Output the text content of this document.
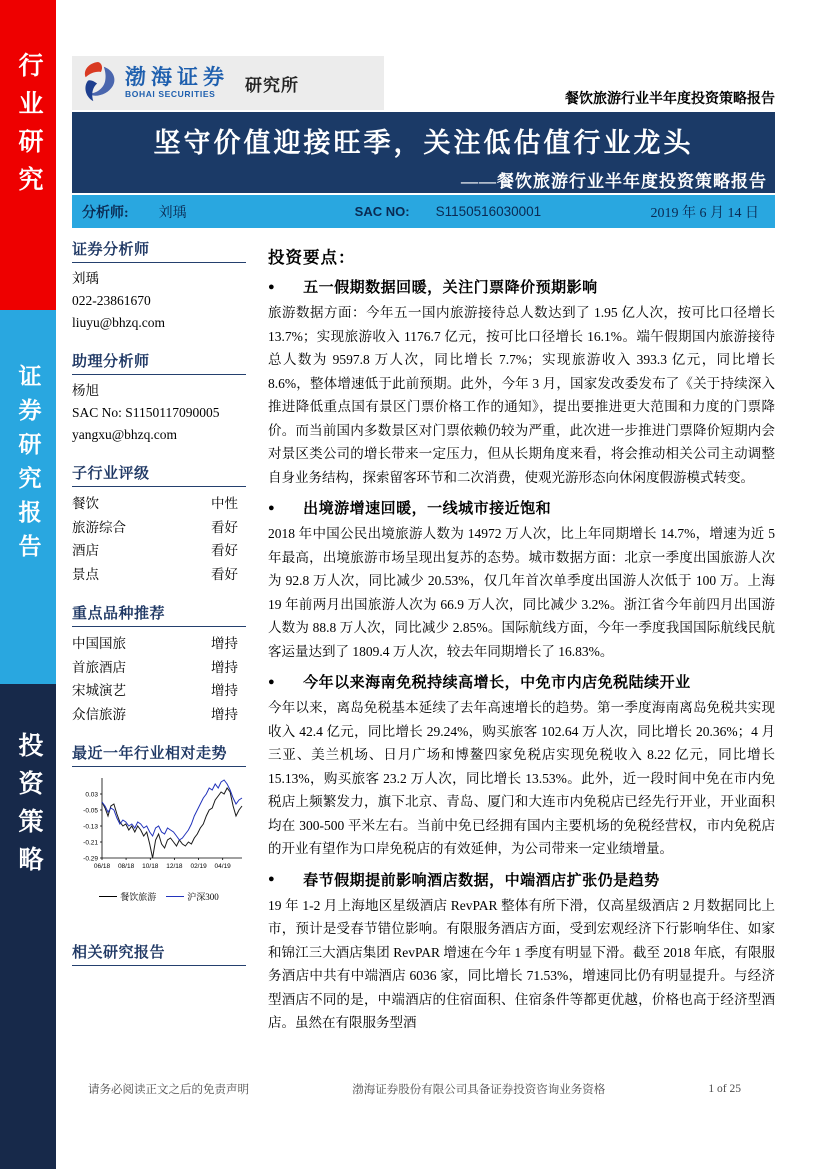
行业研究
证券研究报告
投资策略
渤海证券
BOHAI SECURITIES	研究所
餐饮旅游行业半年度投资策略报告
坚守价值迎接旺季，关注低估值行业龙头
——餐饮旅游行业半年度投资策略报告
分析师: 刘瑀	SAC NO: S1150516030001	2019 年 6 月 14 日
证券分析师
刘瑀
022-23861670
liuyu@bhzq.com
助理分析师
杨旭
SAC No: S1150117090005
yangxu@bhzq.com
子行业评级
餐饮	中性
旅游综合	看好
酒店	看好
景点	看好
重点品种推荐
中国国旅	增持
首旅酒店	增持
宋城演艺	增持
众信旅游	增持
最近一年行业相对走势
0.03
-0.05
-0.13
-0.21
-0.29
06/18 08/18 10/18 12/18 02/19 04/19
餐饮旅游	沪深300
相关研究报告
投资要点：
● 五一假期数据回暖，关注门票降价预期影响
旅游数据方面：今年五一国内旅游接待总人数达到了 1.95 亿人次，按可比口径增长 13.7%；实现旅游收入 1176.7 亿元，按可比口径增长 16.1%。端午假期国内旅游接待总人数为 9597.8 万人次，同比增长 7.7%；实现旅游收入 393.3 亿元，同比增长 8.6%，整体增速低于此前预期。此外，今年 3 月，国家发改委发布了《关于持续深入推进降低重点国有景区门票价格工作的通知》，提出要推进更大范围和力度的门票降价。而当前国内多数景区对门票依赖仍较为严重，此次进一步推进门票降价短期内会对景区类公司的增长带来一定压力，但从长期角度来看，将会推动相关公司主动调整自身业务结构，探索留客环节和二次消费，使观光游形态向休闲度假游模式转变。
● 出境游增速回暖，一线城市接近饱和
2018 年中国公民出境旅游人数为 14972 万人次，比上年同期增长 14.7%，增速为近 5 年最高，出境旅游市场呈现出复苏的态势。城市数据方面：北京一季度出国旅游人次为 92.8 万人次，同比减少 20.53%，仅几年首次单季度出国游人次低于 100 万。上海 19 年前两月出国旅游人次为 66.9 万人次，同比减少 3.2%。浙江省今年前四月出国游人数为 88.8 万人次，同比减少 2.85%。国际航线方面，今年一季度我国国际航线民航客运量达到了 1809.4 万人次，较去年同期增长了 16.83%。
● 今年以来海南免税持续高增长，中免市内店免税陆续开业
今年以来，离岛免税基本延续了去年高速增长的趋势。第一季度海南离岛免税共实现收入 42.4 亿元，同比增长 29.24%，购买旅客 102.64 万人次，同比增长 20.36%；4 月三亚、美兰机场、日月广场和博鳌四家免税店实现免税收入 8.22 亿元，同比增长 15.13%，购买旅客 23.2 万人次，同比增长 13.53%。此外，近一段时间中免在市内免税店上频繁发力，旗下北京、青岛、厦门和大连市内免税店已经先行开业，开业面积均在 300-500 平米左右。当前中免已经拥有国内主要机场的免税经营权，市内免税店的开业有望作为口岸免税店的有效延伸，为公司带来一定业绩增量。
● 春节假期提前影响酒店数据，中端酒店扩张仍是趋势
19 年 1-2 月上海地区星级酒店 RevPAR 整体有所下滑，仅高星级酒店 2 月数据同比上市，预计是受春节错位影响。有限服务酒店方面，受到宏观经济下行影响华住、如家和锦江三大酒店集团 RevPAR 增速在今年 1 季度有明显下滑。截至 2018 年底，有限服务酒店中共有中端酒店 6036 家，同比增长 71.53%，增速同比仍有明显提升。与经济型酒店不同的是，中端酒店的住宿面积、住宿条件等都更优越，价格也高于经济型酒店。虽然在有限服务型酒
请务必阅读正文之后的免责声明	渤海证券股份有限公司具备证券投资咨询业务资格	1 of 25
